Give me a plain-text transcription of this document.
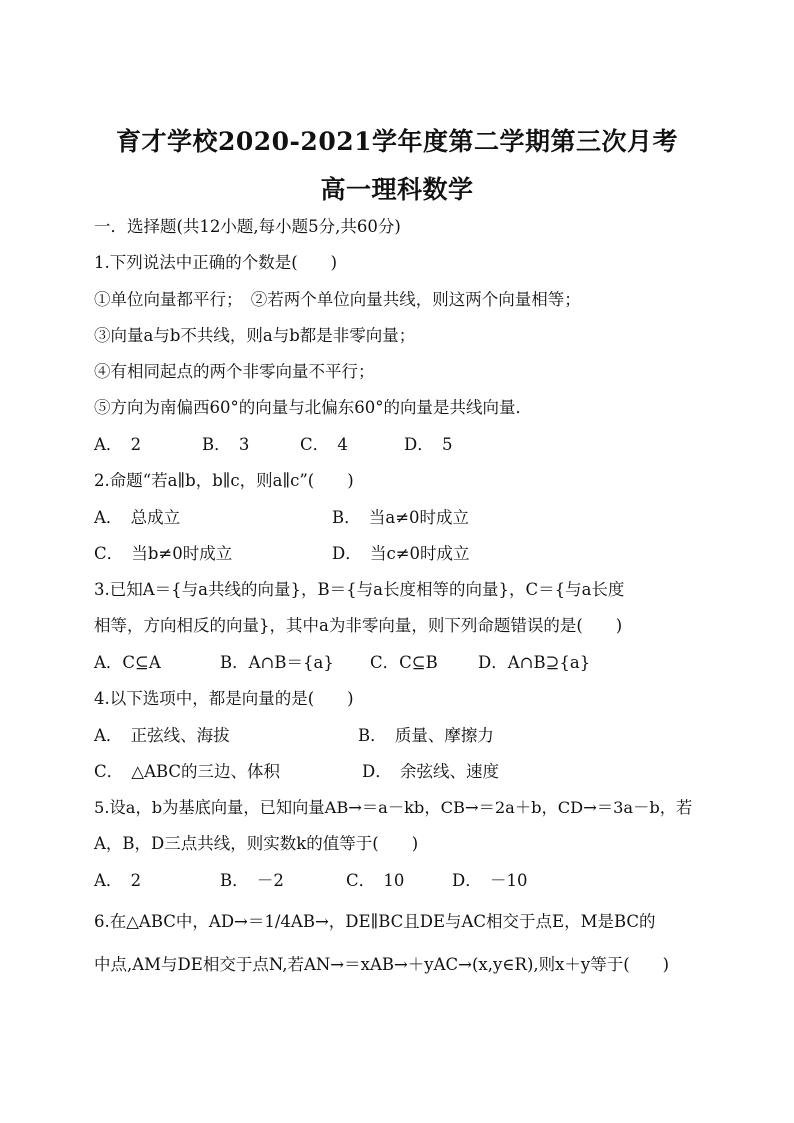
育才学校2020-2021学年度第二学期第三次月考
高一理科数学
一．选择题(共12小题,每小题5分,共60分)
1.下列说法中正确的个数是(　　)
①单位向量都平行；　②若两个单位向量共线，则这两个向量相等；
③向量a与b不共线，则a与b都是非零向量；
④有相同起点的两个非零向量不平行；
⑤方向为南偏西60°的向量与北偏东60°的向量是共线向量．
A．　2	B．　3	C．　4	D．　5
2.命题“若a∥b，b∥c，则a∥c”(　　)
A．　总成立	B．　当a≠0时成立
C．　当b≠0时成立	D．　当c≠0时成立
3.已知A＝{与a共线的向量}，B＝{与a长度相等的向量}，C＝{与a长度
相等，方向相反的向量}，其中a为非零向量，则下列命题错误的是(　　)
A．C⊆A	B．A∩B＝{a} C．C⊆B D．A∩B⊇{a}
4.以下选项中，都是向量的是(　　)
A．　正弦线、海拔	B．　质量、摩擦力
C．　△ABC的三边、体积	D．　余弦线、速度
5.设a，b为基底向量，已知向量AB→＝a－kb，CB→＝2a＋b，CD→＝3a－b，若
A，B，D三点共线，则实数k的值等于(　　)
A．　2	B．　－2	C．　10	D．　－10
6.在△ABC中，AD→＝1/4AB→，DE∥BC且DE与AC相交于点E，M是BC的
中点,AM与DE相交于点N,若AN→＝xAB→＋yAC→(x,y∈R),则x＋y等于(　　)
